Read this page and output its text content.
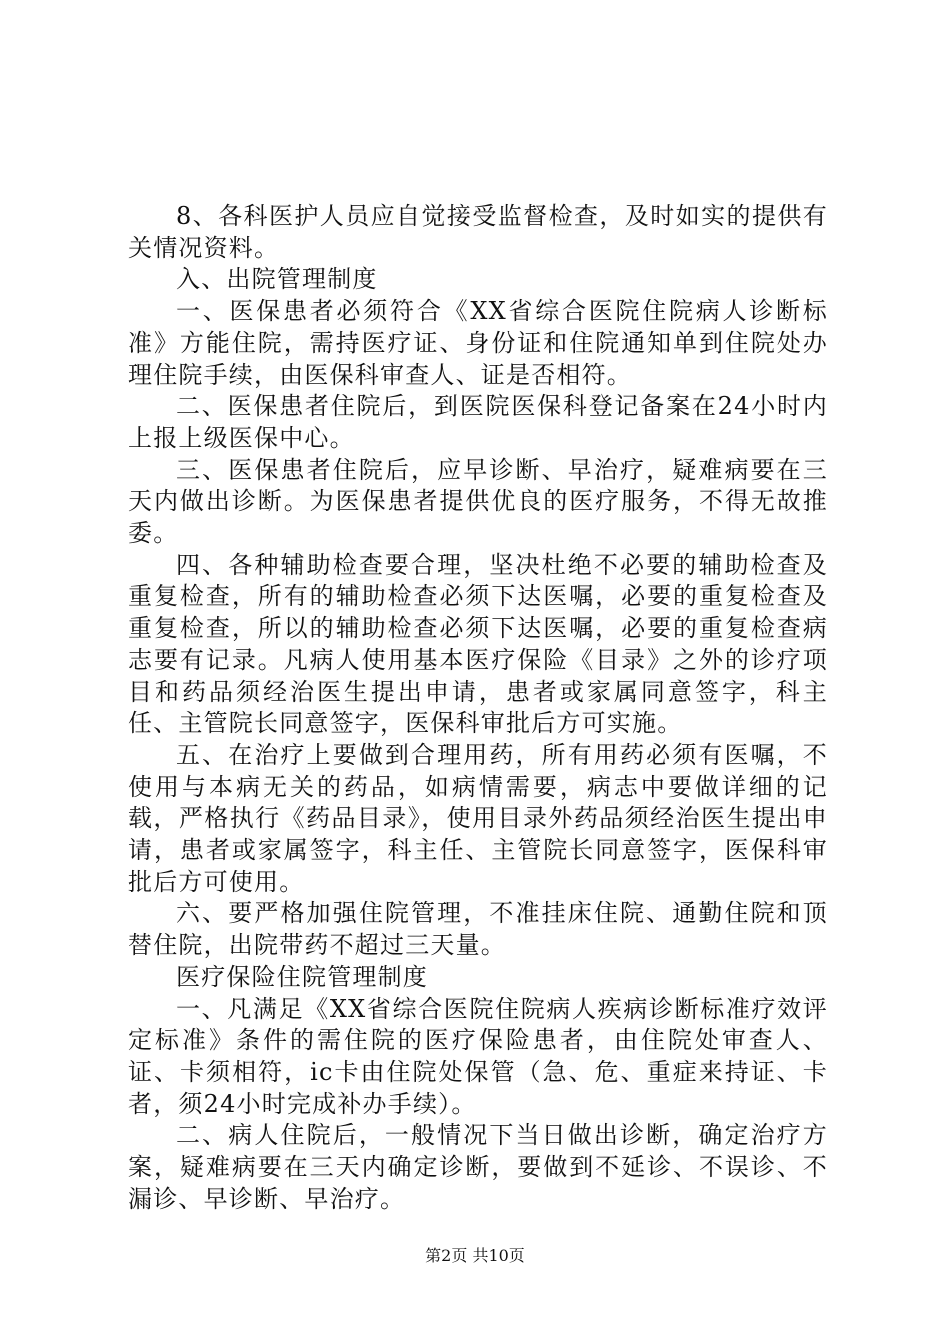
8、各科医护人员应自觉接受监督检查，及时如实的提供有关情况资料。

入、出院管理制度

一、医保患者必须符合《XX省综合医院住院病人诊断标准》方能住院，需持医疗证、身份证和住院通知单到住院处办理住院手续，由医保科审查人、证是否相符。

二、医保患者住院后，到医院医保科登记备案在24小时内上报上级医保中心。

三、医保患者住院后，应早诊断、早治疗，疑难病要在三天内做出诊断。为医保患者提供优良的医疗服务，不得无故推委。

四、各种辅助检查要合理，坚决杜绝不必要的辅助检查及重复检查，所有的辅助检查必须下达医嘱，必要的重复检查及重复检查，所以的辅助检查必须下达医嘱，必要的重复检查病志要有记录。凡病人使用基本医疗保险《目录》之外的诊疗项目和药品须经治医生提出申请，患者或家属同意签字，科主任、主管院长同意签字，医保科审批后方可实施。

五、在治疗上要做到合理用药，所有用药必须有医嘱，不使用与本病无关的药品，如病情需要，病志中要做详细的记载，严格执行《药品目录》，使用目录外药品须经治医生提出申请，患者或家属签字，科主任、主管院长同意签字，医保科审批后方可使用。

六、要严格加强住院管理，不准挂床住院、通勤住院和顶替住院，出院带药不超过三天量。

医疗保险住院管理制度

一、凡满足《XX省综合医院住院病人疾病诊断标准疗效评定标准》条件的需住院的医疗保险患者，由住院处审查人、证、卡须相符，ic卡由住院处保管（急、危、重症来持证、卡者，须24小时完成补办手续）。

二、病人住院后，一般情况下当日做出诊断，确定治疗方案，疑难病要在三天内确定诊断，要做到不延诊、不误诊、不漏诊、早诊断、早治疗。

第2页 共10页
